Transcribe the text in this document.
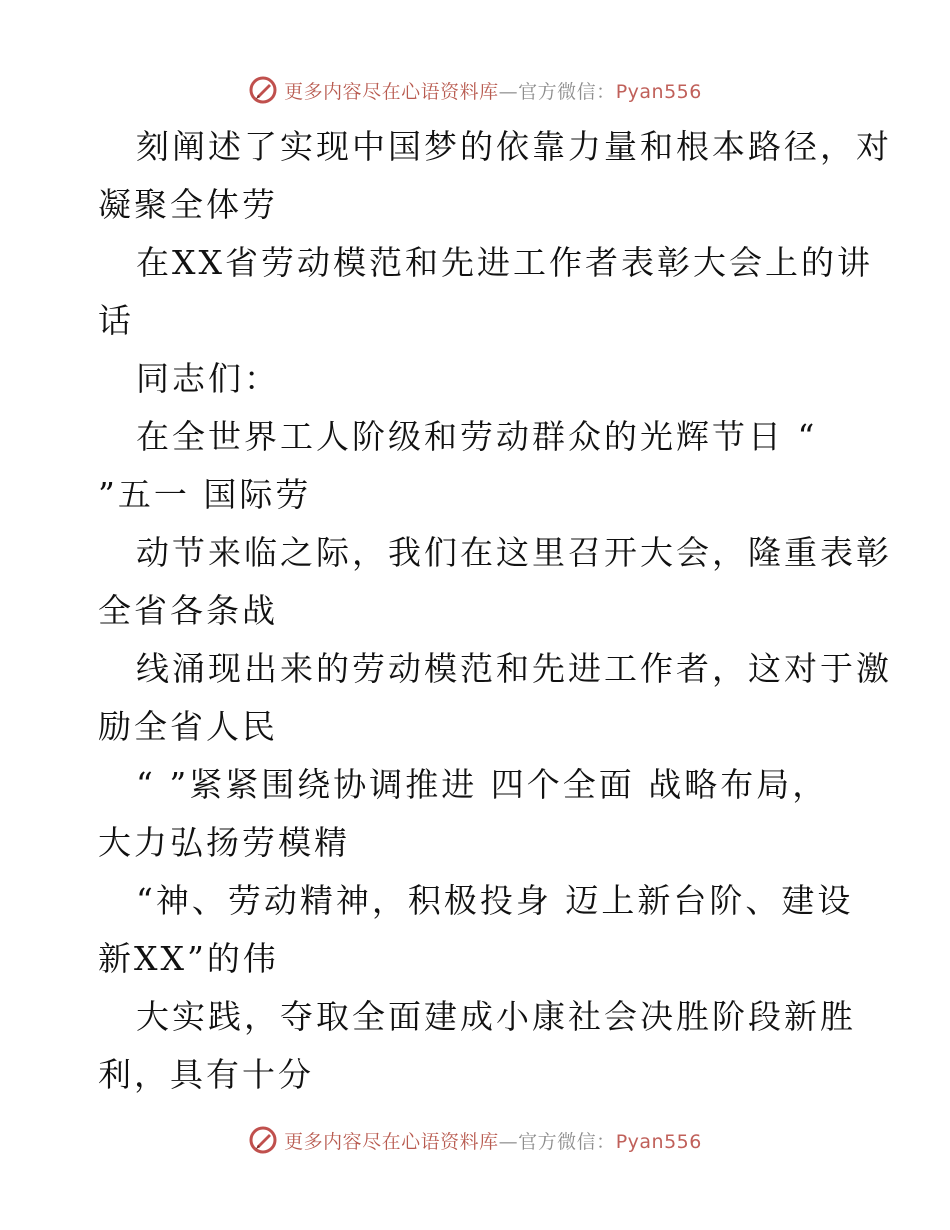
更多内容尽在心语资料库—官方微信：Pyan556

刻阐述了实现中国梦的依靠力量和根本路径，对

凝聚全体劳

在XX省劳动模范和先进工作者表彰大会上的讲

话

同志们：

在全世界工人阶级和劳动群众的光辉节日 “

”五一 国际劳

动节来临之际，我们在这里召开大会，隆重表彰

全省各条战

线涌现出来的劳动模范和先进工作者，这对于激

励全省人民

“ ”紧紧围绕协调推进 四个全面 战略布局，

大力弘扬劳模精

“神、劳动精神，积极投身 迈上新台阶、建设

新XX”的伟

大实践，夺取全面建成小康社会决胜阶段新胜

利，具有十分

更多内容尽在心语资料库—官方微信：Pyan556
